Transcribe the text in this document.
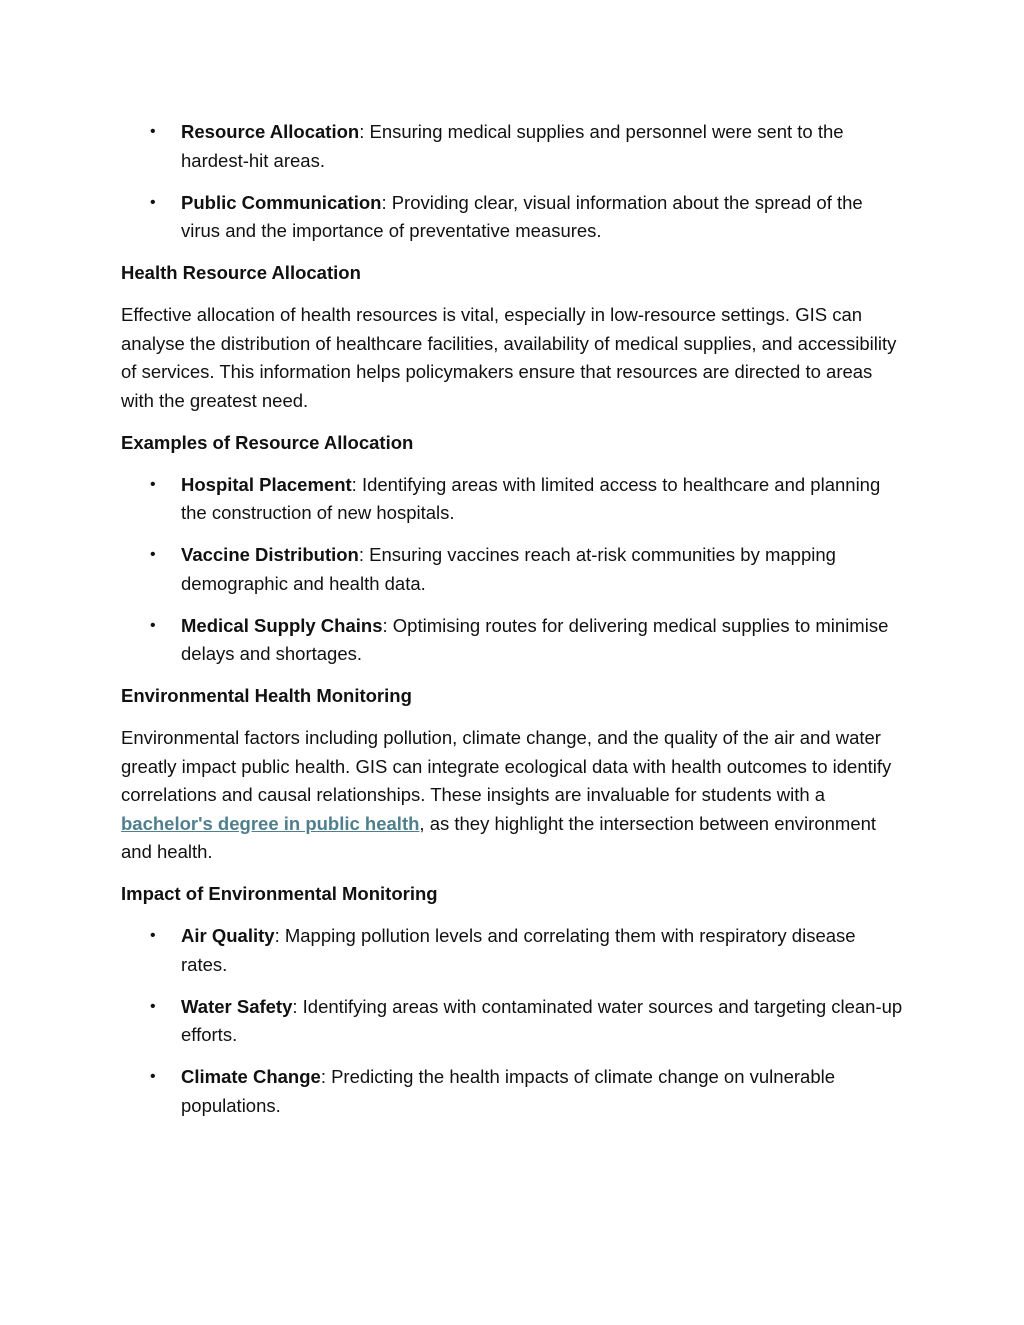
• Resource Allocation: Ensuring medical supplies and personnel were sent to the hardest-hit areas.
• Public Communication: Providing clear, visual information about the spread of the virus and the importance of preventative measures.
Health Resource Allocation

Effective allocation of health resources is vital, especially in low-resource settings. GIS can analyse the distribution of healthcare facilities, availability of medical supplies, and accessibility of services. This information helps policymakers ensure that resources are directed to areas with the greatest need.

Examples of Resource Allocation
• Hospital Placement: Identifying areas with limited access to healthcare and planning the construction of new hospitals.
• Vaccine Distribution: Ensuring vaccines reach at-risk communities by mapping demographic and health data.
• Medical Supply Chains: Optimising routes for delivering medical supplies to minimise delays and shortages.
Environmental Health Monitoring

Environmental factors including pollution, climate change, and the quality of the air and water greatly impact public health. GIS can integrate ecological data with health outcomes to identify correlations and causal relationships. These insights are invaluable for students with a bachelor's degree in public health, as they highlight the intersection between environment and health.

Impact of Environmental Monitoring
• Air Quality: Mapping pollution levels and correlating them with respiratory disease rates.
• Water Safety: Identifying areas with contaminated water sources and targeting clean-up efforts.
• Climate Change: Predicting the health impacts of climate change on vulnerable populations.
